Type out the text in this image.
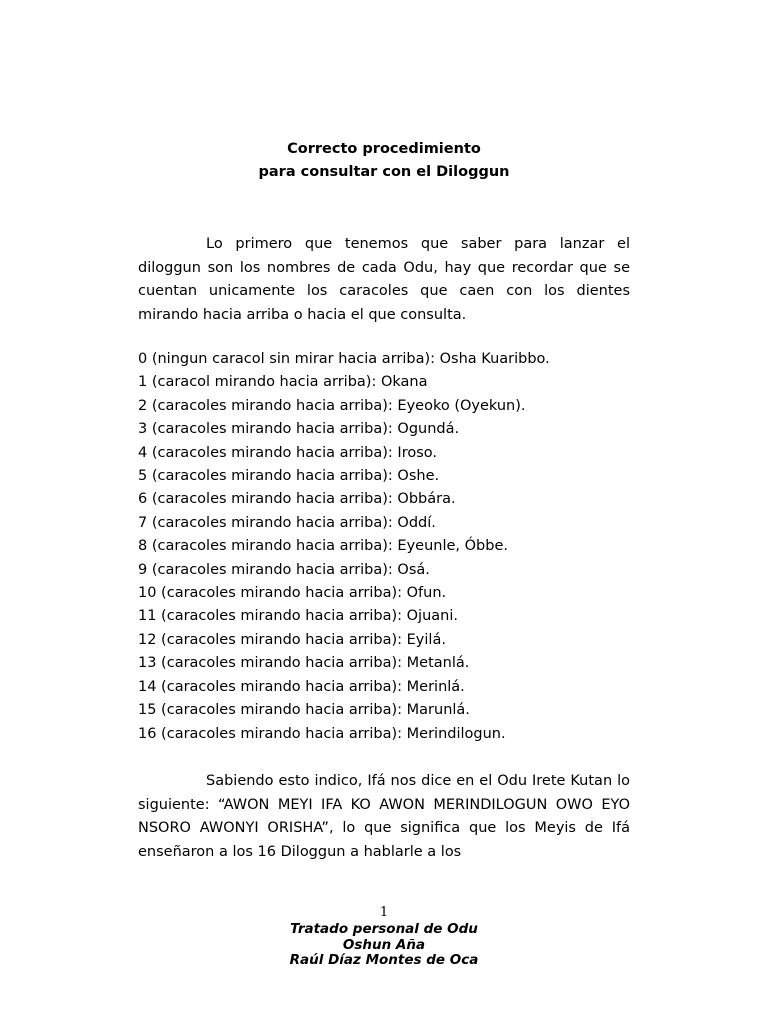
Correcto procedimiento
para consultar con el Diloggun

Lo primero que tenemos que saber para lanzar el diloggun son los nombres de cada Odu, hay que recordar que se cuentan unicamente los caracoles que caen con los dientes mirando hacia arriba o hacia el que consulta.

0 (ningun caracol sin mirar hacia arriba): Osha Kuaribbo.
1 (caracol mirando hacia arriba): Okana
2 (caracoles mirando hacia arriba): Eyeoko (Oyekun).
3 (caracoles mirando hacia arriba): Ogundá.
4 (caracoles mirando hacia arriba): Iroso.
5 (caracoles mirando hacia arriba): Oshe.
6 (caracoles mirando hacia arriba): Obbára.
7 (caracoles mirando hacia arriba): Oddí.
8 (caracoles mirando hacia arriba): Eyeunle, Óbbe.
9 (caracoles mirando hacia arriba): Osá.
10 (caracoles mirando hacia arriba): Ofun.
11 (caracoles mirando hacia arriba): Ojuani.
12 (caracoles mirando hacia arriba): Eyilá.
13 (caracoles mirando hacia arriba): Metanlá.
14 (caracoles mirando hacia arriba): Merinlá.
15 (caracoles mirando hacia arriba): Marunlá.
16 (caracoles mirando hacia arriba): Merindilogun.

Sabiendo esto indico, Ifá nos dice en el Odu Irete Kutan lo siguiente: “AWON MEYI IFA KO AWON MERINDILOGUN OWO EYO NSORO AWONYI ORISHA”, lo que significa que los Meyis de Ifá enseñaron a los 16 Diloggun a hablarle a los

1
Tratado personal de Odu
Oshun Aña
Raúl Díaz Montes de Oca
